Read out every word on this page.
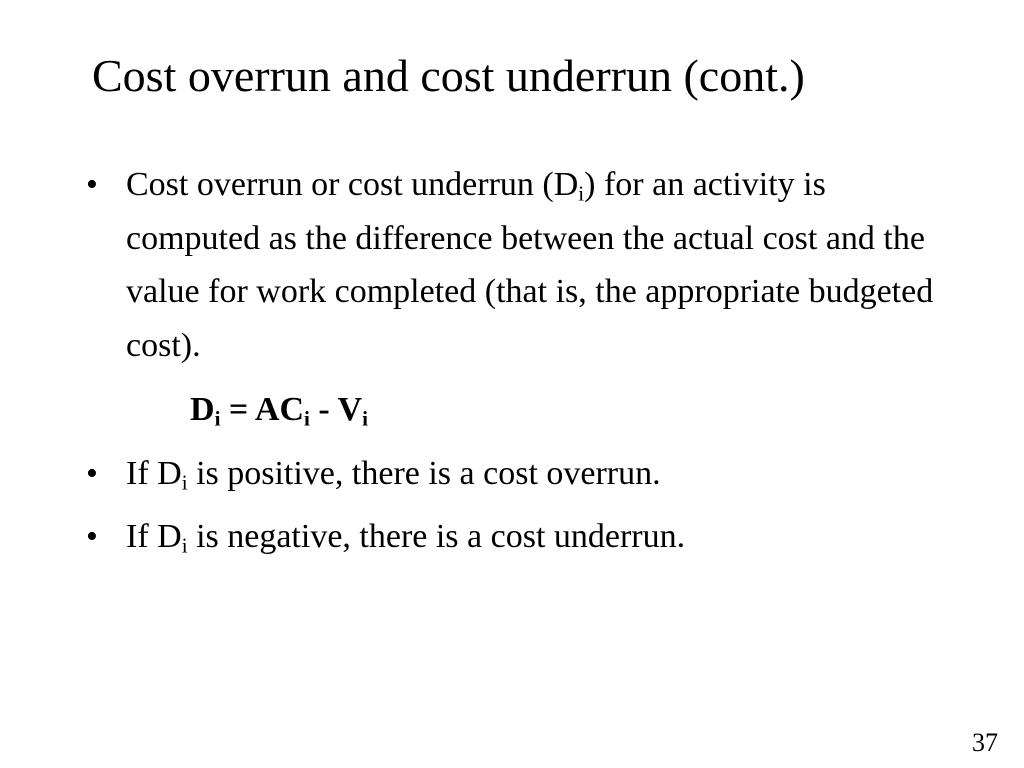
Cost overrun and cost underrun (cont.)
• Cost overrun or cost underrun $(D_i)$ for an activity is computed as the difference between the actual cost and the value for work completed (that is, the appropriate budgeted cost).
$D_i = AC_i - V_i$
• If $D_i$ is positive, there is a cost overrun.
• If $D_i$ is negative, there is a cost underrun.
37
